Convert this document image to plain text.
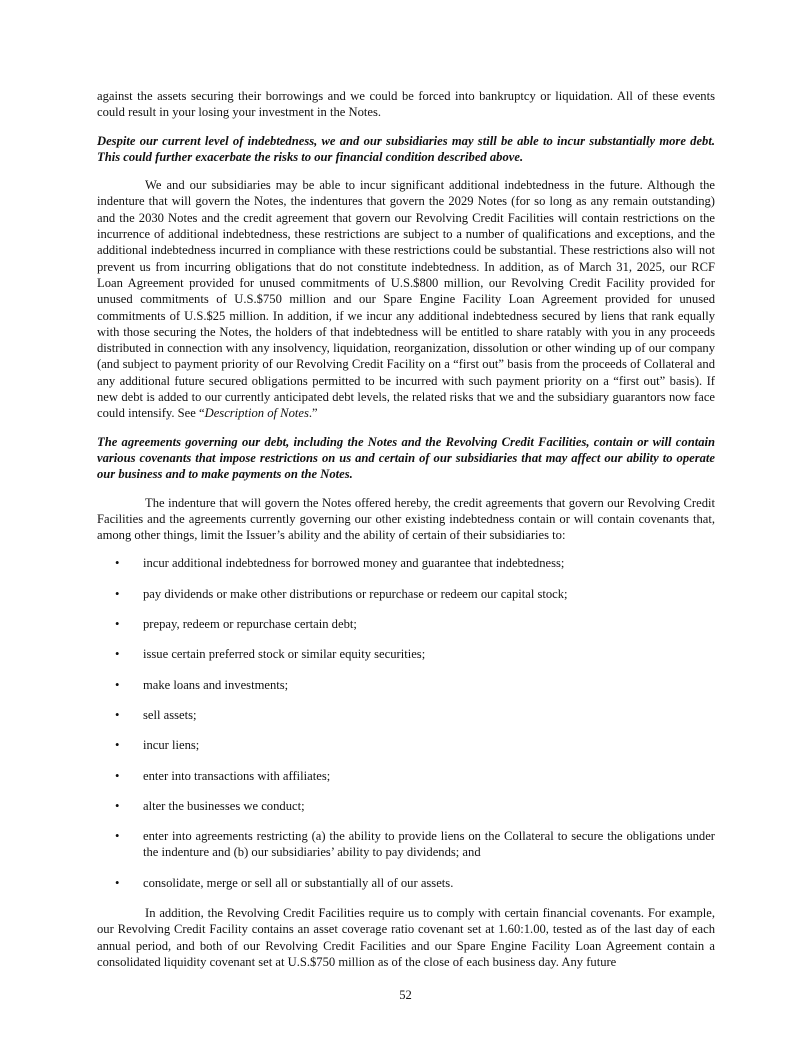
against the assets securing their borrowings and we could be forced into bankruptcy or liquidation. All of these events could result in your losing your investment in the Notes.

Despite our current level of indebtedness, we and our subsidiaries may still be able to incur substantially more debt. This could further exacerbate the risks to our financial condition described above.

We and our subsidiaries may be able to incur significant additional indebtedness in the future. Although the indenture that will govern the Notes, the indentures that govern the 2029 Notes (for so long as any remain outstanding) and the 2030 Notes and the credit agreement that govern our Revolving Credit Facilities will contain restrictions on the incurrence of additional indebtedness, these restrictions are subject to a number of qualifications and exceptions, and the additional indebtedness incurred in compliance with these restrictions could be substantial. These restrictions also will not prevent us from incurring obligations that do not constitute indebtedness. In addition, as of March 31, 2025, our RCF Loan Agreement provided for unused commitments of U.S.$800 million, our Revolving Credit Facility provided for unused commitments of U.S.$750 million and our Spare Engine Facility Loan Agreement provided for unused commitments of U.S.$25 million. In addition, if we incur any additional indebtedness secured by liens that rank equally with those securing the Notes, the holders of that indebtedness will be entitled to share ratably with you in any proceeds distributed in connection with any insolvency, liquidation, reorganization, dissolution or other winding up of our company (and subject to payment priority of our Revolving Credit Facility on a “first out” basis from the proceeds of Collateral and any additional future secured obligations permitted to be incurred with such payment priority on a “first out” basis). If new debt is added to our currently anticipated debt levels, the related risks that we and the subsidiary guarantors now face could intensify. See “Description of Notes.”

The agreements governing our debt, including the Notes and the Revolving Credit Facilities, contain or will contain various covenants that impose restrictions on us and certain of our subsidiaries that may affect our ability to operate our business and to make payments on the Notes.

The indenture that will govern the Notes offered hereby, the credit agreements that govern our Revolving Credit Facilities and the agreements currently governing our other existing indebtedness contain or will contain covenants that, among other things, limit the Issuer’s ability and the ability of certain of their subsidiaries to:

• incur additional indebtedness for borrowed money and guarantee that indebtedness;
• pay dividends or make other distributions or repurchase or redeem our capital stock;
• prepay, redeem or repurchase certain debt;
• issue certain preferred stock or similar equity securities;
• make loans and investments;
• sell assets;
• incur liens;
• enter into transactions with affiliates;
• alter the businesses we conduct;
• enter into agreements restricting (a) the ability to provide liens on the Collateral to secure the obligations under the indenture and (b) our subsidiaries’ ability to pay dividends; and
• consolidate, merge or sell all or substantially all of our assets.

In addition, the Revolving Credit Facilities require us to comply with certain financial covenants. For example, our Revolving Credit Facility contains an asset coverage ratio covenant set at 1.60:1.00, tested as of the last day of each annual period, and both of our Revolving Credit Facilities and our Spare Engine Facility Loan Agreement contain a consolidated liquidity covenant set at U.S.$750 million as of the close of each business day. Any future

52
